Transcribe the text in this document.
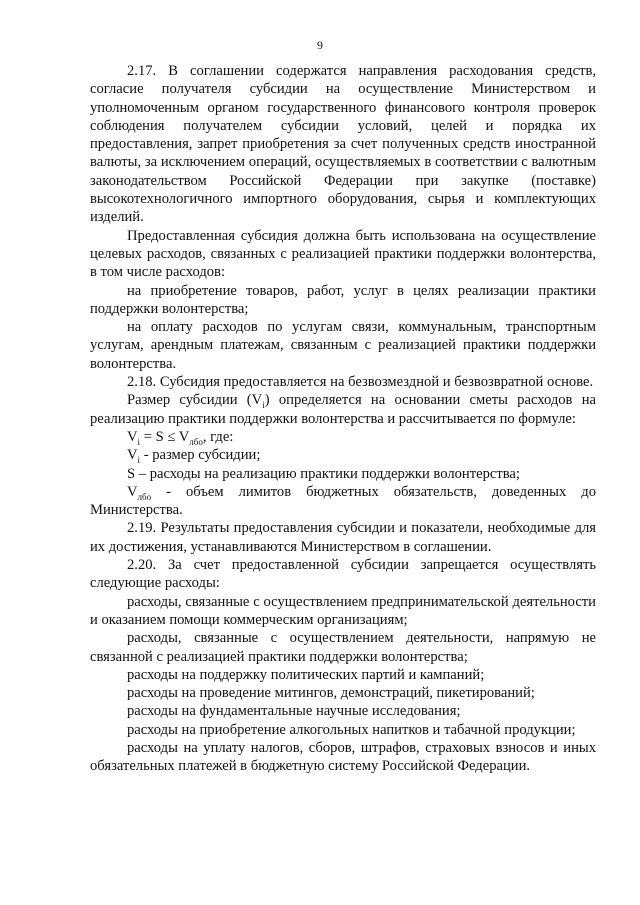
9

2.17. В соглашении содержатся направления расходования средств, согласие получателя субсидии на осуществление Министерством и уполномоченным органом государственного финансового контроля проверок соблюдения получателем субсидии условий, целей и порядка их предоставления, запрет приобретения за счет полученных средств иностранной валюты, за исключением операций, осуществляемых в соответствии с валютным законодательством Российской Федерации при закупке (поставке) высокотехнологичного импортного оборудования, сырья и комплектующих изделий.

Предоставленная субсидия должна быть использована на осуществление целевых расходов, связанных с реализацией практики поддержки волонтерства, в том числе расходов:

на приобретение товаров, работ, услуг в целях реализации практики поддержки волонтерства;

на оплату расходов по услугам связи, коммунальным, транспортным услугам, арендным платежам, связанным с реализацией практики поддержки волонтерства.

2.18. Субсидия предоставляется на безвозмездной и безвозвратной основе.

Размер субсидии $(V_i)$ определяется на основании сметы расходов на реализацию практики поддержки волонтерства и рассчитывается по формуле:

$V_i = S \le V_{лбо}$, где:

$V_i$ - размер субсидии;

S – расходы на реализацию практики поддержки волонтерства;

$V_{лбо}$ - объем лимитов бюджетных обязательств, доведенных до Министерства.

2.19. Результаты предоставления субсидии и показатели, необходимые для их достижения, устанавливаются Министерством в соглашении.

2.20. За счет предоставленной субсидии запрещается осуществлять следующие расходы:

расходы, связанные с осуществлением предпринимательской деятельности и оказанием помощи коммерческим организациям;

расходы, связанные с осуществлением деятельности, напрямую не связанной с реализацией практики поддержки волонтерства;

расходы на поддержку политических партий и кампаний;

расходы на проведение митингов, демонстраций, пикетирований;

расходы на фундаментальные научные исследования;

расходы на приобретение алкогольных напитков и табачной продукции;

расходы на уплату налогов, сборов, штрафов, страховых взносов и иных обязательных платежей в бюджетную систему Российской Федерации.
